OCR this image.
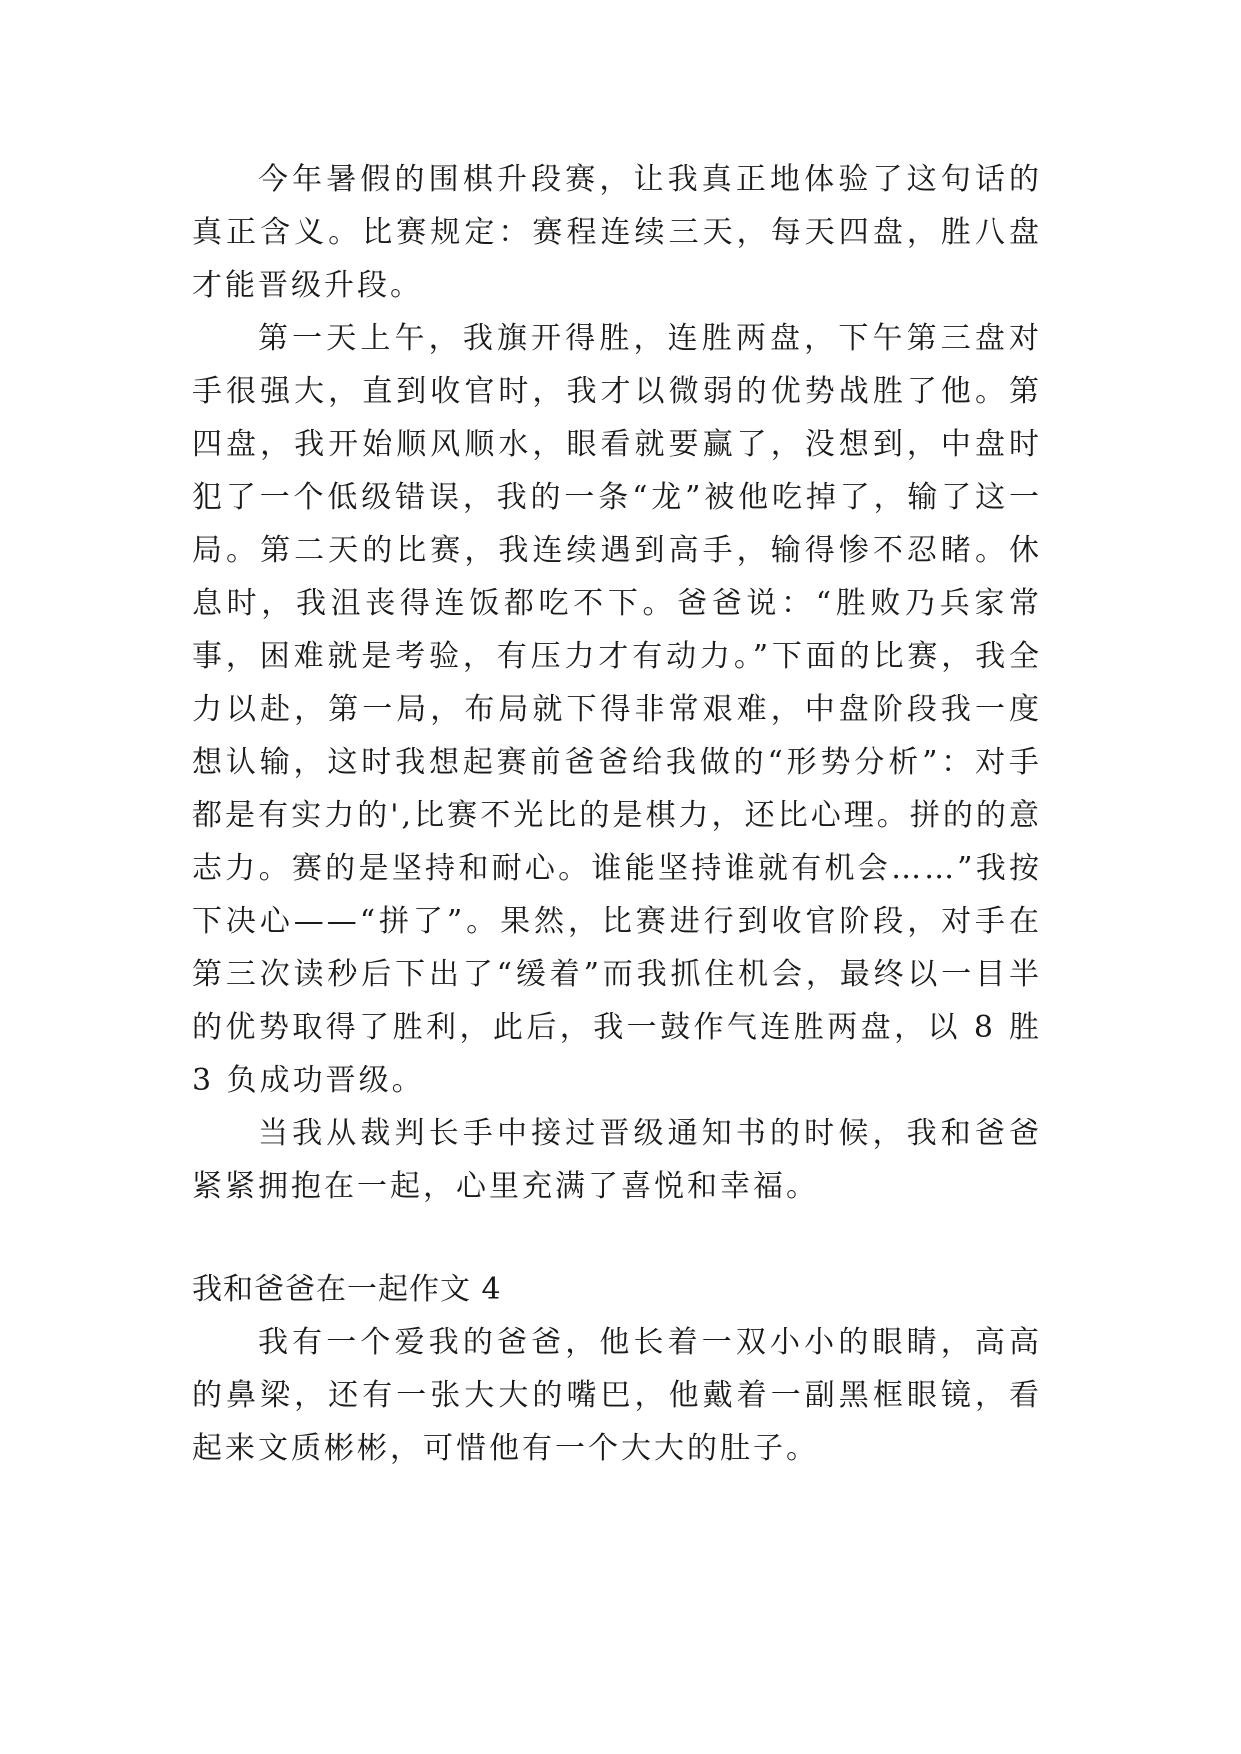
今年暑假的围棋升段赛，让我真正地体验了这句话的真正含义。比赛规定：赛程连续三天，每天四盘，胜八盘才能晋级升段。

第一天上午，我旗开得胜，连胜两盘，下午第三盘对手很强大，直到收官时，我才以微弱的优势战胜了他。第四盘，我开始顺风顺水，眼看就要赢了，没想到，中盘时犯了一个低级错误，我的一条“龙”被他吃掉了，输了这一局。第二天的比赛，我连续遇到高手，输得惨不忍睹。休息时，我沮丧得连饭都吃不下。爸爸说：“胜败乃兵家常事，困难就是考验，有压力才有动力。”下面的比赛，我全力以赴，第一局，布局就下得非常艰难，中盘阶段我一度想认输，这时我想起赛前爸爸给我做的“形势分析”：对手都是有实力的',比赛不光比的是棋力，还比心理。拼的的意志力。赛的是坚持和耐心。谁能坚持谁就有机会……”我按下决心——“拼了”。果然，比赛进行到收官阶段，对手在第三次读秒后下出了“缓着”而我抓住机会，最终以一目半的优势取得了胜利，此后，我一鼓作气连胜两盘，以 8 胜 3 负成功晋级。

当我从裁判长手中接过晋级通知书的时候，我和爸爸紧紧拥抱在一起，心里充满了喜悦和幸福。

我和爸爸在一起作文 4

我有一个爱我的爸爸，他长着一双小小的眼睛，高高的鼻梁，还有一张大大的嘴巴，他戴着一副黑框眼镜，看起来文质彬彬，可惜他有一个大大的肚子。
